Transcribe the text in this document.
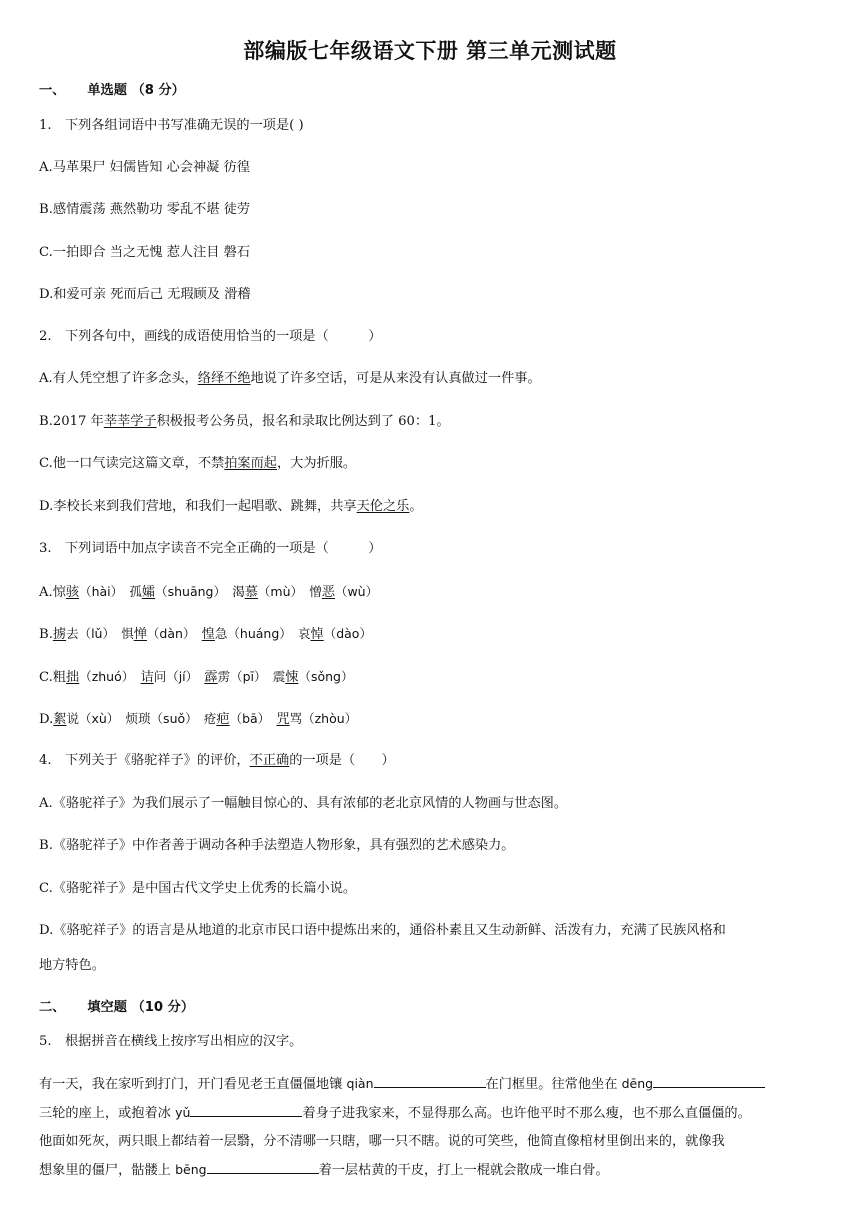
部编版七年级语文下册 第三单元测试题
一、 单选题 （8 分）
1. 下列各组词语中书写准确无误的一项是( )
A.马革果尸 妇儒皆知 心会神凝 彷徨
B.感情震荡 燕然勒功 零乱不堪 徒劳
C.一拍即合 当之无愧 惹人注目 磐石
D.和爱可亲 死而后己 无瑕顾及 滑稽
2. 下列各句中，画线的成语使用恰当的一项是（　　　）
A.有人凭空想了许多念头，络绎不绝地说了许多空话，可是从来没有认真做过一件事。
B.2017 年莘莘学子积极报考公务员，报名和录取比例达到了 60：1。
C.他一口气读完这篇文章，不禁拍案而起，大为折服。
D.李校长来到我们营地，和我们一起唱歌、跳舞，共享天伦之乐。
3. 下列词语中加点字读音不完全正确的一项是（　　　）
A.惊骇（hài）　孤孀（shuāng）　渴慕（mù）　憎恶（wù）
B.掳去（lǔ）　惧惮（dàn）　惶急（huáng）　哀悼（dào）
C.粗拙（zhuó）　诘问（jí）　霹雳（pī）　震悚（sǒng）
D.絮说（xù）　烦琐（suǒ）　疮疤（bā）　咒骂（zhòu）
4. 下列关于《骆驼祥子》的评价，不正确的一项是（　　）
A.《骆驼祥子》为我们展示了一幅触目惊心的、具有浓郁的老北京风情的人物画与世态图。
B.《骆驼祥子》中作者善于调动各种手法塑造人物形象，具有强烈的艺术感染力。
C.《骆驼祥子》是中国古代文学史上优秀的长篇小说。
D.《骆驼祥子》的语言是从地道的北京市民口语中提炼出来的，通俗朴素且又生动新鲜、活泼有力，充满了民族风格和
地方特色。
二、 填空题 （10 分）
5. 根据拼音在横线上按序写出相应的汉字。

有一天，我在家听到打门，开门看见老王直僵僵地镶 qiàn	在门框里。往常他坐在 dēng

三轮的座上，或抱着冰 yǔ	着身子进我家来，不显得那么高。也许他平时不那么瘦，也不那么直僵僵的。

他面如死灰，两只眼上都结着一层翳，分不清哪一只瞎，哪一只不瞎。说的可笑些，他简直像棺材里倒出来的，就像我

想象里的僵尸，骷髅上 bēng	着一层枯黄的干皮，打上一棍就会散成一堆白骨。
